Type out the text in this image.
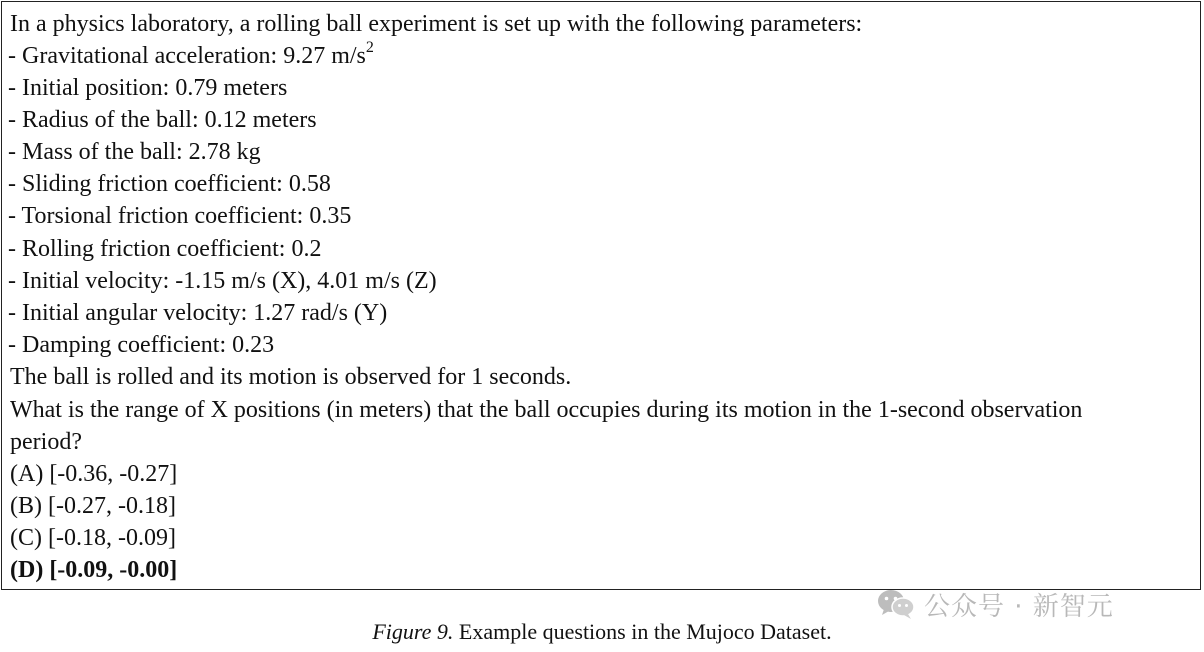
In a physics laboratory, a rolling ball experiment is set up with the following parameters:
- Gravitational acceleration: 9.27 $m/s^2$
- Initial position: 0.79 meters
- Radius of the ball: 0.12 meters
- Mass of the ball: 2.78 kg
- Sliding friction coefficient: 0.58
- Torsional friction coefficient: 0.35
- Rolling friction coefficient: 0.2
- Initial velocity: -1.15 m/s (X), 4.01 m/s (Z)
- Initial angular velocity: 1.27 rad/s (Y)
- Damping coefficient: 0.23
The ball is rolled and its motion is observed for 1 seconds.
What is the range of X positions (in meters) that the ball occupies during its motion in the 1-second observation
period?
(A) [-0.36, -0.27]
(B) [-0.27, -0.18]
(C) [-0.18, -0.09]
(D) [-0.09, -0.00]
公众号 · 新智元
Figure 9. Example questions in the Mujoco Dataset.
